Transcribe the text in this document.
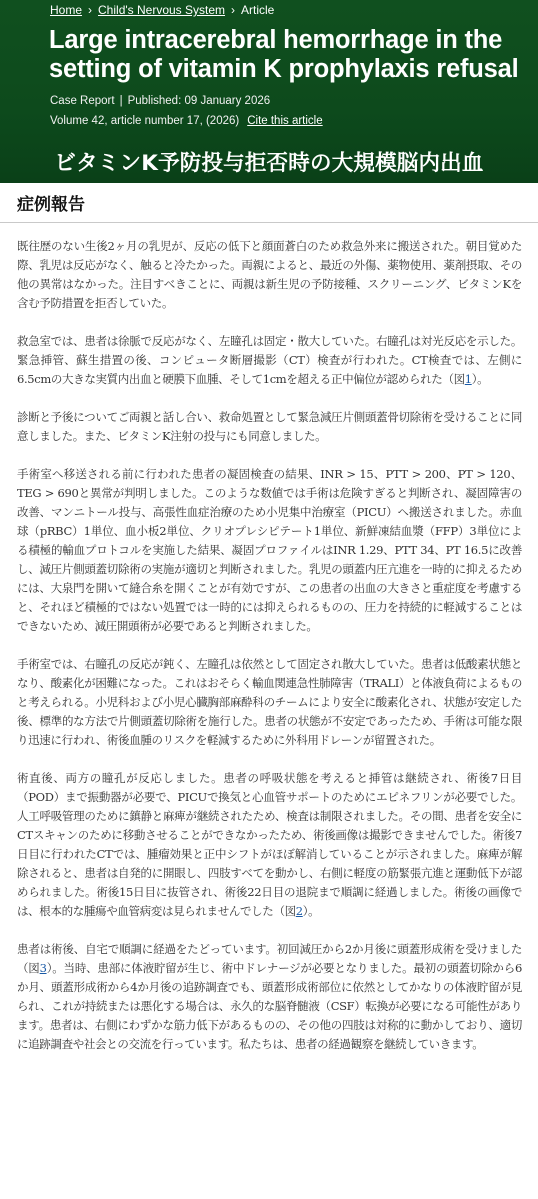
Home › Child's Nervous System › Article
Large intracerebral hemorrhage in the setting of vitamin K prophylaxis refusal
Case Report | Published: 09 January 2026
Volume 42, article number 17, (2026) Cite this article
ビタミンK予防投与拒否時の大規模脳内出血
症例報告

既往歴のない生後2ヶ月の乳児が、反応の低下と顔面蒼白のため救急外来に搬送された。朝目覚めた際、乳児は反応がなく、触ると冷たかった。両親によると、最近の外傷、薬物使用、薬剤摂取、その他の異常はなかった。注目すべきことに、両親は新生児の予防接種、スクリーニング、ビタミンKを含む予防措置を拒否していた。

救急室では、患者は徐脈で反応がなく、左瞳孔は固定・散大していた。右瞳孔は対光反応を示した。緊急挿管、蘇生措置の後、コンピュータ断層撮影（CT）検査が行われた。CT検査では、左側に6.5cmの大きな実質内出血と硬膜下血腫、そして1cmを超える正中偏位が認められた（図1）。

診断と予後についてご両親と話し合い、救命処置として緊急減圧片側頭蓋骨切除術を受けることに同意しました。また、ビタミンK注射の投与にも同意しました。

手術室へ移送される前に行われた患者の凝固検査の結果、INR > 15、PTT > 200、PT > 120、TEG > 690と異常が判明しました。このような数値では手術は危険すぎると判断され、凝固障害の改善、マンニトール投与、高張性血症治療のため小児集中治療室（PICU）へ搬送されました。赤血球（pRBC）1単位、血小板2単位、クリオプレシピテート1単位、新鮮凍結血漿（FFP）3単位による積極的輸血プロトコルを実施した結果、凝固プロファイルはINR 1.29、PTT 34、PT 16.5に改善し、減圧片側頭蓋切除術の実施が適切と判断されました。乳児の頭蓋内圧亢進を一時的に抑えるためには、大泉門を開いて縫合糸を開くことが有効ですが、この患者の出血の大きさと重症度を考慮すると、それほど積極的ではない処置では一時的には抑えられるものの、圧力を持続的に軽減することはできないため、減圧開頭術が必要であると判断されました。

手術室では、右瞳孔の反応が鈍く、左瞳孔は依然として固定され散大していた。患者は低酸素状態となり、酸素化が困難になった。これはおそらく輸血関連急性肺障害（TRALI）と体液負荷によるものと考えられる。小児科および小児心臓胸部麻酔科のチームにより安全に酸素化され、状態が安定した後、標準的な方法で片側頭蓋切除術を施行した。患者の状態が不安定であったため、手術は可能な限り迅速に行われ、術後血腫のリスクを軽減するために外科用ドレーンが留置された。

術直後、両方の瞳孔が反応しました。患者の呼吸状態を考えると挿管は継続され、術後7日目（POD）まで振動器が必要で、PICUで換気と心血管サポートのためにエピネフリンが必要でした。人工呼吸管理のために鎮静と麻痺が継続されたため、検査は制限されました。その間、患者を安全にCTスキャンのために移動させることができなかったため、術後画像は撮影できませんでした。術後7日目に行われたCTでは、腫瘤効果と正中シフトがほぼ解消していることが示されました。麻痺が解除されると、患者は自発的に開眼し、四肢すべてを動かし、右側に軽度の筋緊張亢進と運動低下が認められました。術後15日目に抜管され、術後22日目の退院まで順調に経過しました。術後の画像では、根本的な腫瘍や血管病変は見られませんでした（図2）。

患者は術後、自宅で順調に経過をたどっています。初回減圧から2か月後に頭蓋形成術を受けました（図3）。当時、患部に体液貯留が生じ、術中ドレナージが必要となりました。最初の頭蓋切除から6か月、頭蓋形成術から4か月後の追跡調査でも、頭蓋形成術部位に依然としてかなりの体液貯留が見られ、これが持続または悪化する場合は、永久的な脳脊髄液（CSF）転換が必要になる可能性があります。患者は、右側にわずかな筋力低下があるものの、その他の四肢は対称的に動かしており、適切に追跡調査や社会との交流を行っています。私たちは、患者の経過観察を継続していきます。
